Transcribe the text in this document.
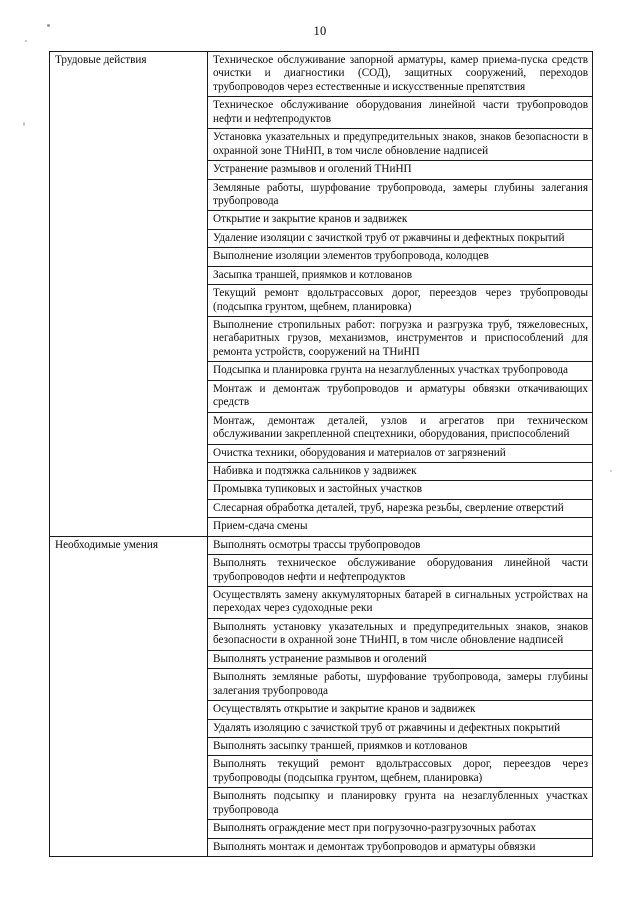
10
Трудовые действия	Техническое обслуживание запорной арматуры, камер приема-пуска средств очистки и диагностики (СОД), защитных сооружений, переходов трубопроводов через естественные и искусственные препятствия
	Техническое обслуживание оборудования линейной части трубопроводов нефти и нефтепродуктов
	Установка указательных и предупредительных знаков, знаков безопасности в охранной зоне ТНиНП, в том числе обновление надписей
	Устранение размывов и оголений ТНиНП
	Земляные работы, шурфование трубопровода, замеры глубины залегания трубопровода
	Открытие и закрытие кранов и задвижек
	Удаление изоляции с зачисткой труб от ржавчины и дефектных покрытий
	Выполнение изоляции элементов трубопровода, колодцев
	Засыпка траншей, приямков и котлованов
	Текущий ремонт вдольтрассовых дорог, переездов через трубопроводы (подсыпка грунтом, щебнем, планировка)
	Выполнение стропильных работ: погрузка и разгрузка труб, тяжеловесных, негабаритных грузов, механизмов, инструментов и приспособлений для ремонта устройств, сооружений на ТНиНП
	Подсыпка и планировка грунта на незаглубленных участках трубопровода
	Монтаж и демонтаж трубопроводов и арматуры обвязки откачивающих средств
	Монтаж, демонтаж деталей, узлов и агрегатов при техническом обслуживании закрепленной спецтехники, оборудования, приспособлений
	Очистка техники, оборудования и материалов от загрязнений
	Набивка и подтяжка сальников у задвижек
	Промывка тупиковых и застойных участков
	Слесарная обработка деталей, труб, нарезка резьбы, сверление отверстий
	Прием-сдача смены
Необходимые умения	Выполнять осмотры трассы трубопроводов
	Выполнять техническое обслуживание оборудования линейной части трубопроводов нефти и нефтепродуктов
	Осуществлять замену аккумуляторных батарей в сигнальных устройствах на переходах через судоходные реки
	Выполнять установку указательных и предупредительных знаков, знаков безопасности в охранной зоне ТНиНП, в том числе обновление надписей
	Выполнять устранение размывов и оголений
	Выполнять земляные работы, шурфование трубопровода, замеры глубины залегания трубопровода
	Осуществлять открытие и закрытие кранов и задвижек
	Удалять изоляцию с зачисткой труб от ржавчины и дефектных покрытий
	Выполнять засыпку траншей, приямков и котлованов
	Выполнять текущий ремонт вдольтрассовых дорог, переездов через трубопроводы (подсыпка грунтом, щебнем, планировка)
	Выполнять подсыпку и планировку грунта на незаглубленных участках трубопровода
	Выполнять ограждение мест при погрузочно-разгрузочных работах
	Выполнять монтаж и демонтаж трубопроводов и арматуры обвязки
